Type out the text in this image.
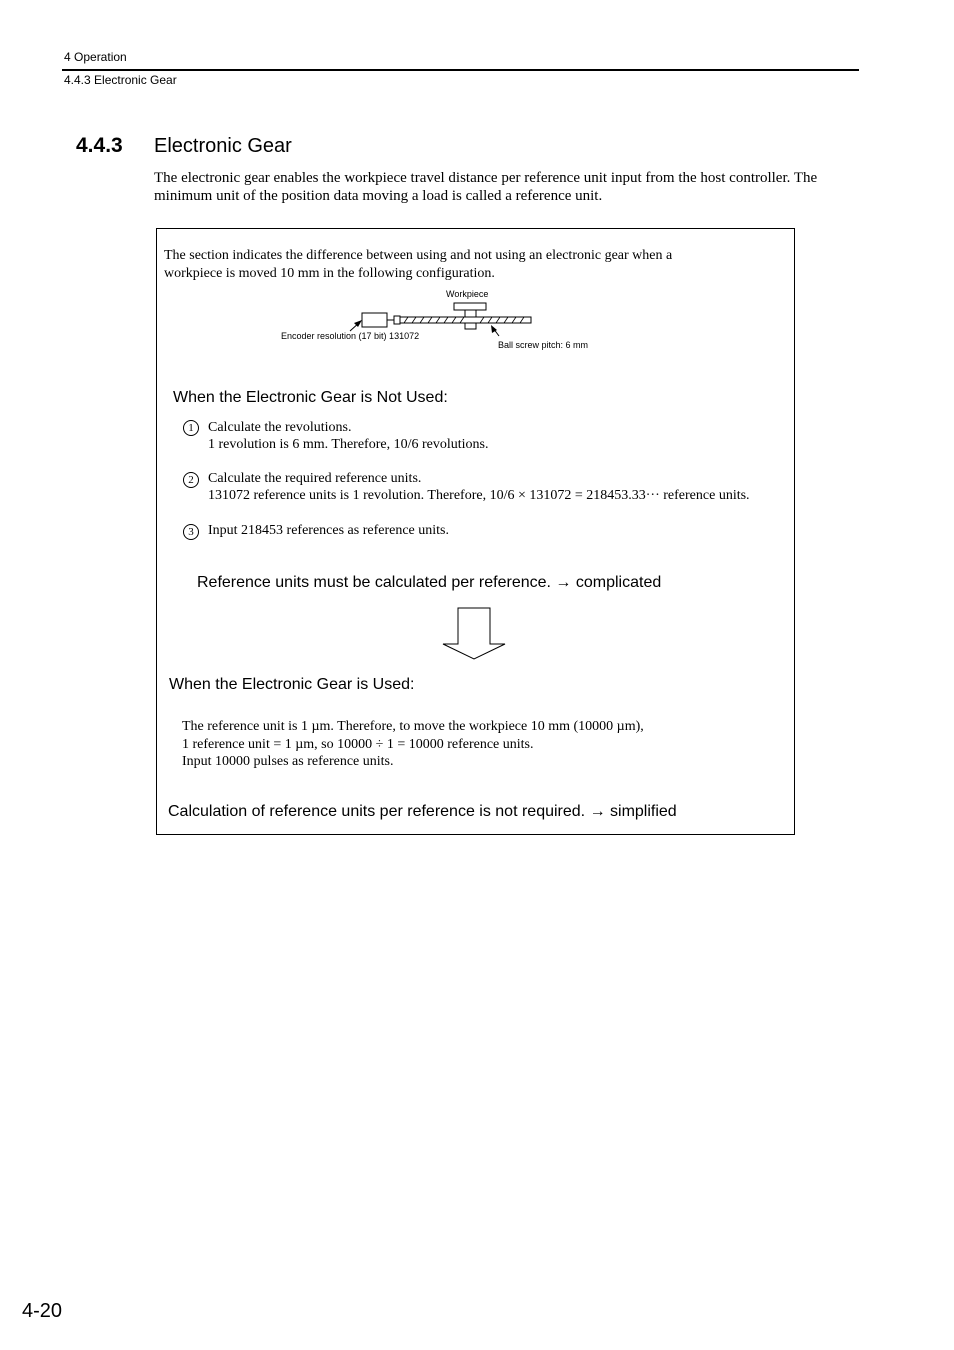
4 Operation
4.4.3 Electronic Gear
4.4.3 Electronic Gear
The electronic gear enables the workpiece travel distance per reference unit input from the host controller. The minimum unit of the position data moving a load is called a reference unit.
The section indicates the difference between using and not using an electronic gear when a
workpiece is moved 10 mm in the following configuration.
Workpiece
Encoder resolution (17 bit) 131072
Ball screw pitch: 6 mm
When the Electronic Gear is Not Used:
1	Calculate the revolutions.
1 revolution is 6 mm. Therefore, 10/6 revolutions.
2	Calculate the required reference units.
131072 reference units is 1 revolution. Therefore, 10/6 × 131072 = 218453.33··· reference units.
3	Input 218453 references as reference units.
Reference units must be calculated per reference. → complicated
When the Electronic Gear is Used:
The reference unit is 1 µm. Therefore, to move the workpiece 10 mm (10000 µm),
1 reference unit = 1 µm, so 10000 ÷ 1 = 10000 reference units.
Input 10000 pulses as reference units.
Calculation of reference units per reference is not required. → simplified
4-20
